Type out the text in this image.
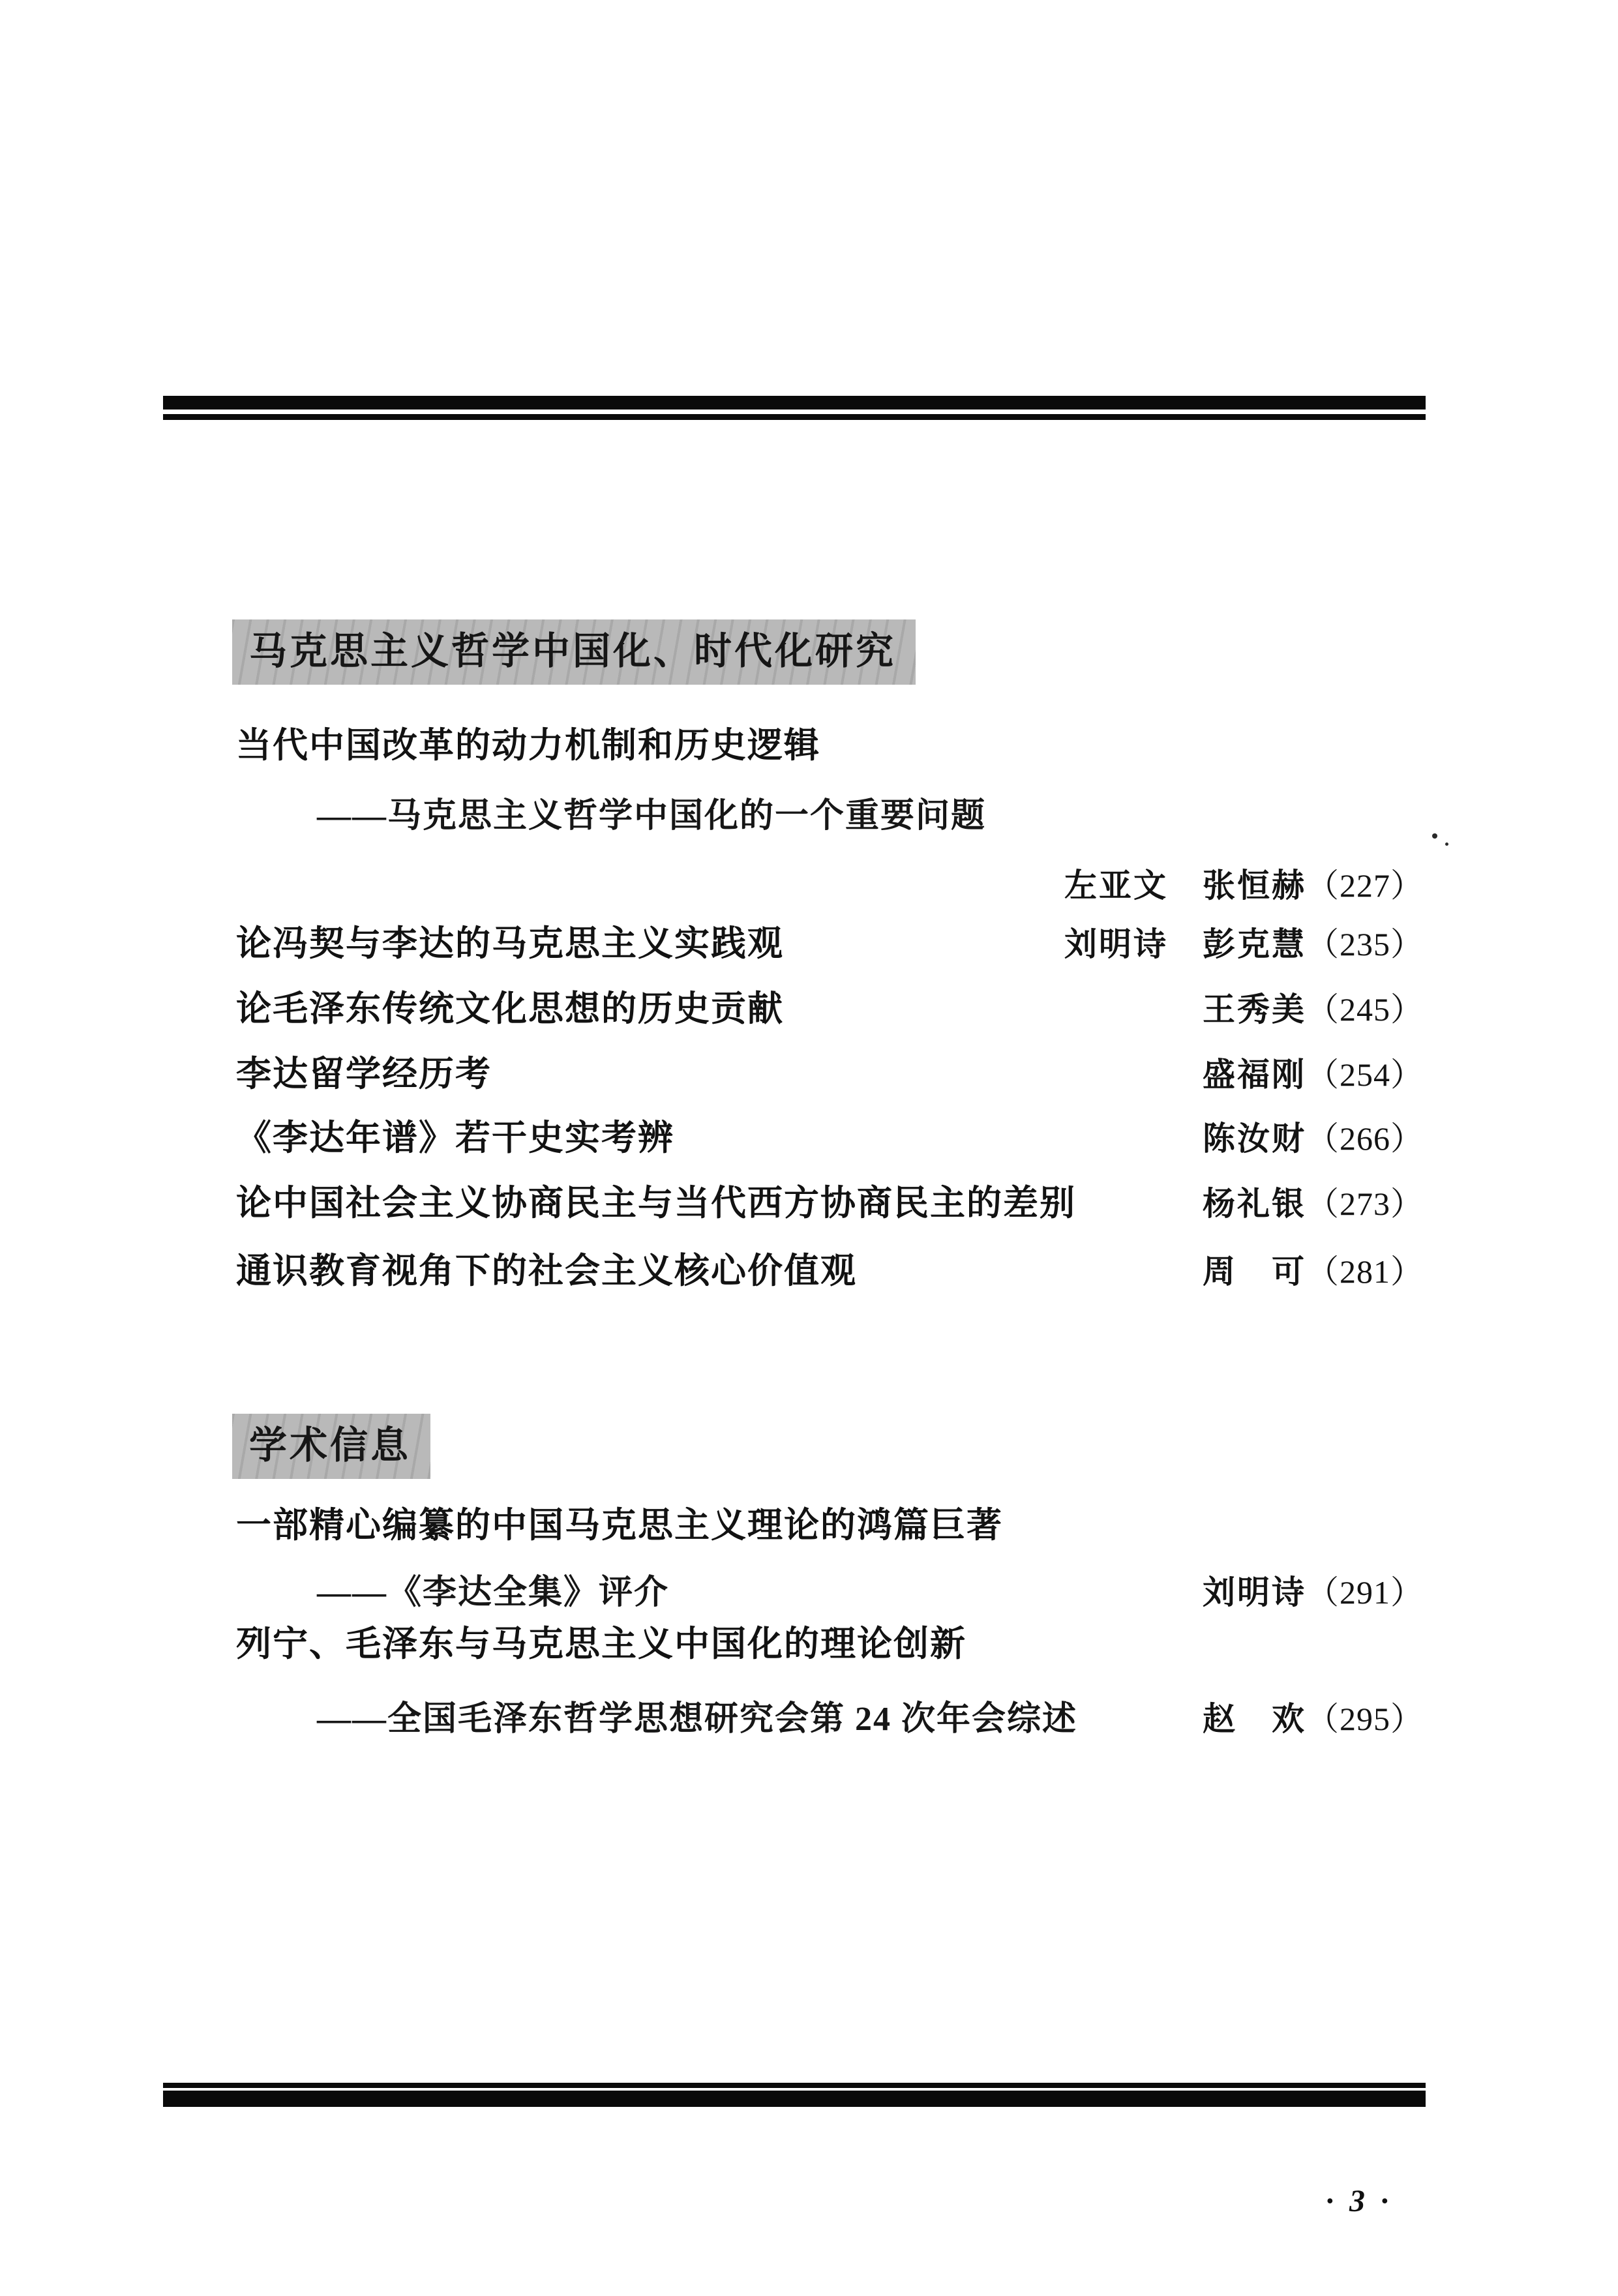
马克思主义哲学中国化、时代化研究
当代中国改革的动力机制和历史逻辑
——马克思主义哲学中国化的一个重要问题
左亚文　张恒赫（227）
论冯契与李达的马克思主义实践观	刘明诗　彭克慧 （235）
论毛泽东传统文化思想的历史贡献	王秀美 （245）
李达留学经历考	盛福刚 （254）
《李达年谱》若干史实考辨	陈汝财 （266）
论中国社会主义协商民主与当代西方协商民主的差别	杨礼银 （273）
通识教育视角下的社会主义核心价值观	周　可 （281）
学术信息
一部精心编纂的中国马克思主义理论的鸿篇巨著
——《李达全集》评介	刘明诗 （291）
列宁、毛泽东与马克思主义中国化的理论创新
——全国毛泽东哲学思想研究会第 24 次年会综述	赵　欢 （295）
· 3 ·
